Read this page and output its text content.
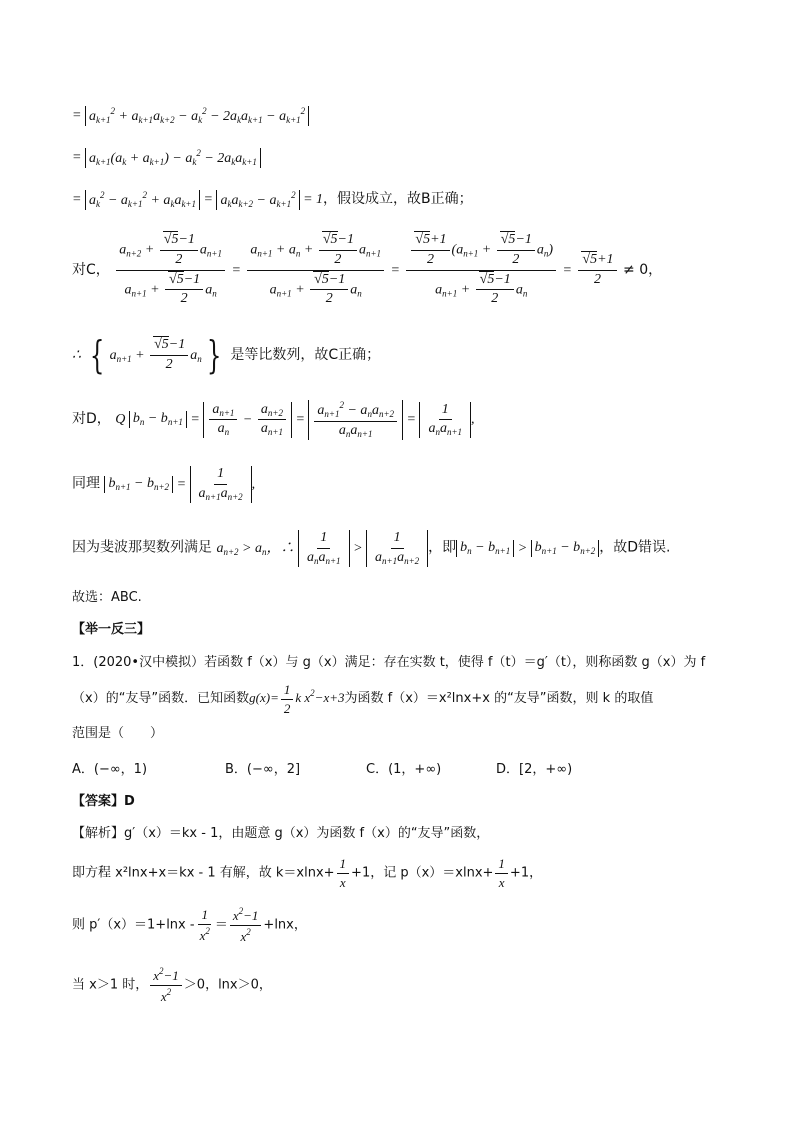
= $a_{k+1}^2 + a_{k+1}a_{k+2} - a_k^2 - 2a_ka_{k+1} - a_{k+1}^2$
= $a_{k+1}(a_k + a_{k+1}) - a_k^2 - 2a_ka_{k+1}$
= $a_k^2 - a_{k+1}^2 + a_ka_{k+1} = a_ka_{k+2} - a_{k+1}^2 = 1$，假设成立，故B正确；
对C， $\frac{a_{n+2} + \frac{√5-1}{2} a_{n+1}}{a_{n+1} + \frac{√5-1}{2} a_n} = \frac{a_{n+1} + a_n + \frac{√5-1}{2} a_{n+1}}{a_{n+1} + \frac{√5-1}{2} a_n} = \frac{\frac{√5+1}{2} (a_{n+1} + \frac{√5-1}{2} a_n)}{a_{n+1} + \frac{√5-1}{2} a_n} = \frac{√5+1}{2} \ne 0$，
∴ { $a_{n+1} + \frac{√5-1}{2} a_n$ } 是等比数列，故C正确；
对D， Q $b_n - b_{n+1} = \frac{a_{n+1}}{a_n} - \frac{a_{n+2}}{a_{n+1}} = \frac{a_{n+1}^2 - a_na_{n+2}}{a_na_{n+1}} = \frac{1}{a_na_{n+1}}$ ,
同理 $b_{n+1} - b_{n+2} = \frac{1}{a_{n+1}a_{n+2}}$ ,
因为斐波那契数列满足 $a_{n+2} > a_n$，∴ $\frac{1}{a_na_{n+1}} > \frac{1}{a_{n+1}a_{n+2}}$ ，即 $b_n - b_{n+1} > b_{n+1} - b_{n+2}$ ，故D错误.
故选：ABC.
【举一反三】
1．(2020•汉中模拟）若函数 f（x）与 g（x）满足：存在实数 t，使得 f（t）＝g′（t），则称函数 g（x）为 f
（x）的“友导”函数．已知函数$g(x)= \frac{1}{2}$ k $x^2-x+3$为函数 f（x）＝x²lnx+x 的“友导”函数，则 k 的取值
范围是（　　）
A．(−∞，1)	B．(−∞，2]	C．(1，+∞)	D．[2，+∞)
【答案】D
【解析】g′（x）＝kx - 1，由题意 g（x）为函数 f（x）的“友导”函数，
即方程 x²lnx+x＝kx - 1 有解，故 $k=xlnx+ \frac{1}{x} +1$，记 $p(x)=xlnx+ \frac{1}{x} +1$，
则 $p'(x)=1+\ln x - \frac{1}{x^2} = \frac{x^2-1}{x^2} +\ln x$，
当 x＞1 时， $\frac{x^2-1}{x^2} >0$，lnx＞0，
